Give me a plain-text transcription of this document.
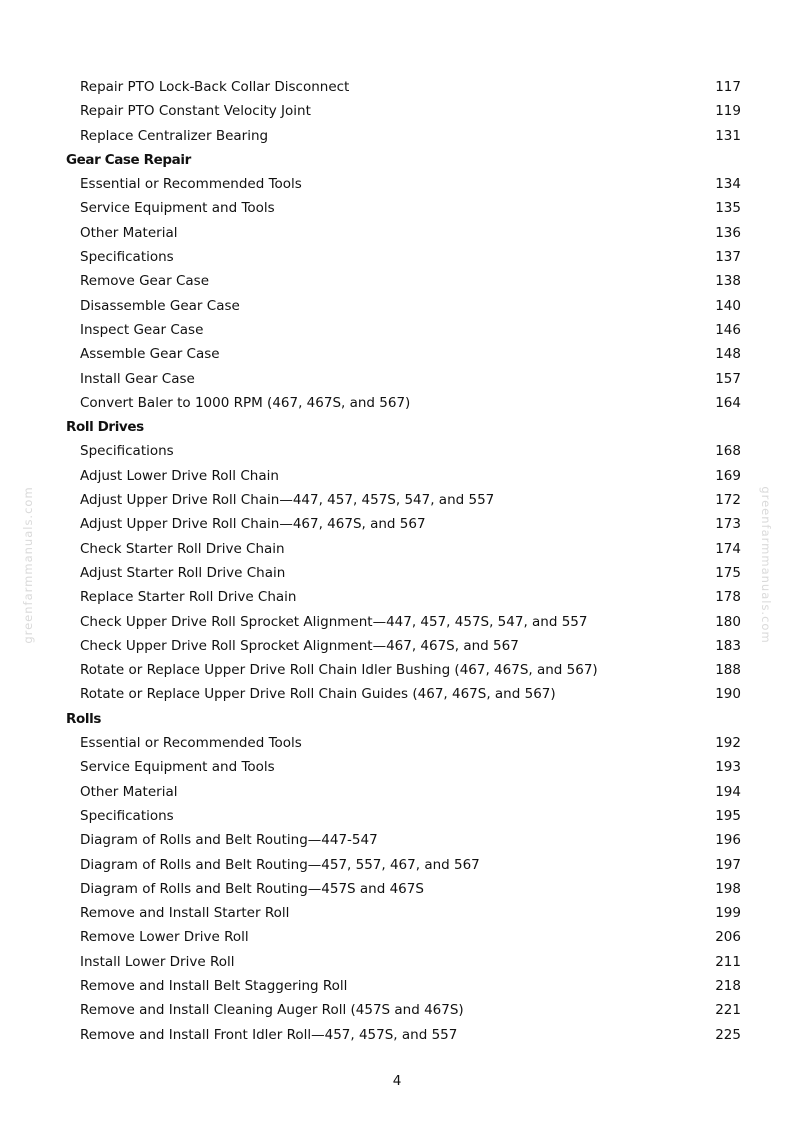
greenfarmmanuals.com	greenfarmmanuals.com
Repair PTO Lock-Back Collar Disconnect	117
Repair PTO Constant Velocity Joint	119
Replace Centralizer Bearing	131
Gear Case Repair
Essential or Recommended Tools	134
Service Equipment and Tools	135
Other Material	136
Specifications	137
Remove Gear Case	138
Disassemble Gear Case	140
Inspect Gear Case	146
Assemble Gear Case	148
Install Gear Case	157
Convert Baler to 1000 RPM (467, 467S, and 567)	164
Roll Drives
Specifications	168
Adjust Lower Drive Roll Chain	169
Adjust Upper Drive Roll Chain—447, 457, 457S, 547, and 557	172
Adjust Upper Drive Roll Chain—467, 467S, and 567	173
Check Starter Roll Drive Chain	174
Adjust Starter Roll Drive Chain	175
Replace Starter Roll Drive Chain	178
Check Upper Drive Roll Sprocket Alignment—447, 457, 457S, 547, and 557	180
Check Upper Drive Roll Sprocket Alignment—467, 467S, and 567	183
Rotate or Replace Upper Drive Roll Chain Idler Bushing (467, 467S, and 567)	188
Rotate or Replace Upper Drive Roll Chain Guides (467, 467S, and 567)	190
Rolls
Essential or Recommended Tools	192
Service Equipment and Tools	193
Other Material	194
Specifications	195
Diagram of Rolls and Belt Routing—447-547	196
Diagram of Rolls and Belt Routing—457, 557, 467, and 567	197
Diagram of Rolls and Belt Routing—457S and 467S	198
Remove and Install Starter Roll	199
Remove Lower Drive Roll	206
Install Lower Drive Roll	211
Remove and Install Belt Staggering Roll	218
Remove and Install Cleaning Auger Roll (457S and 467S)	221
Remove and Install Front Idler Roll—457, 457S, and 557	225
4
